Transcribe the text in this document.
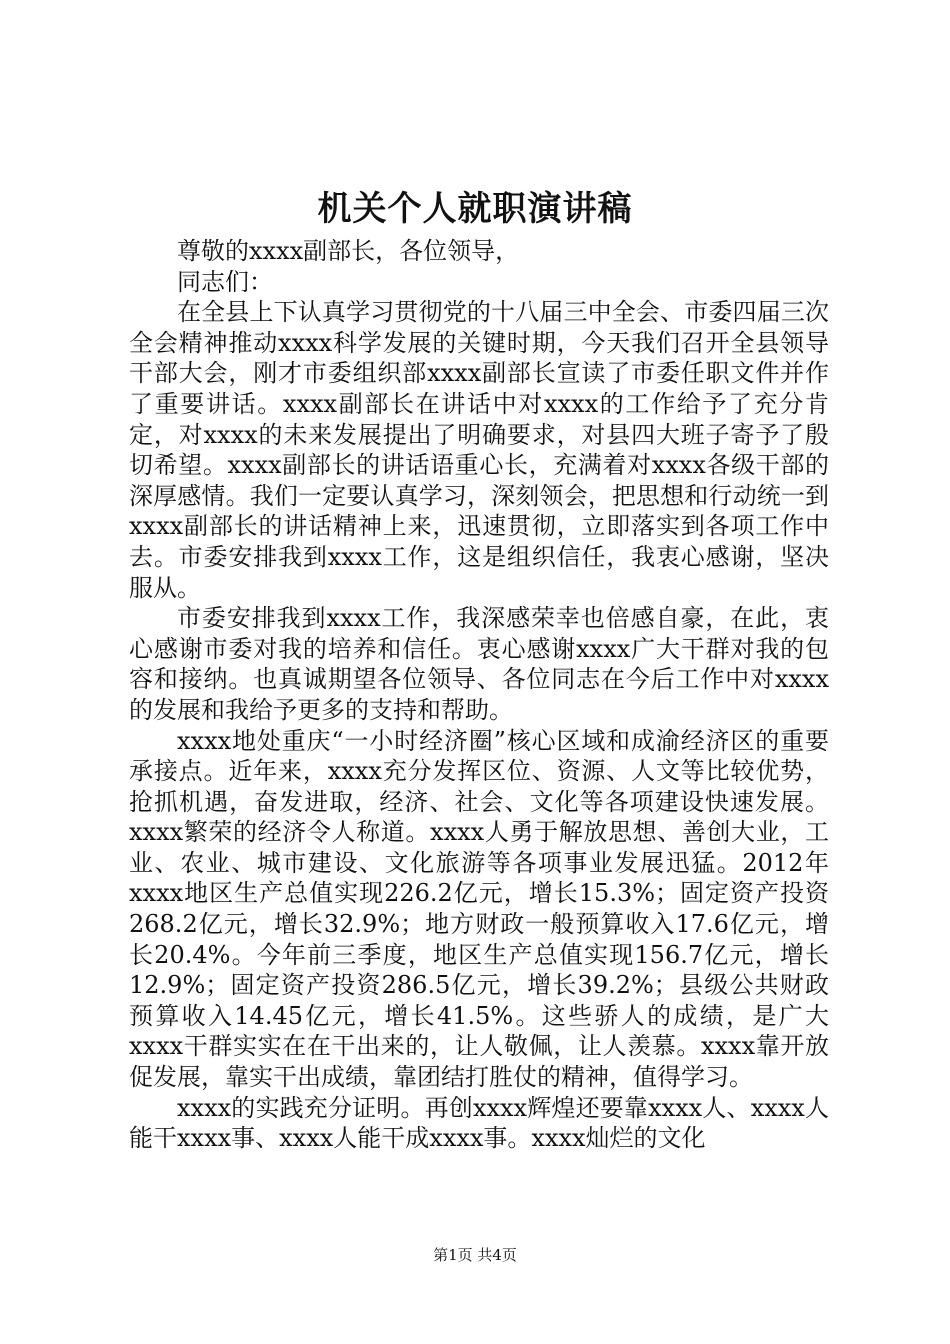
机关个人就职演讲稿

尊敬的xxxx副部长，各位领导，

同志们：

在全县上下认真学习贯彻党的十八届三中全会、市委四届三次全会精神推动xxxx科学发展的关键时期，今天我们召开全县领导干部大会，刚才市委组织部xxxx副部长宣读了市委任职文件并作了重要讲话。xxxx副部长在讲话中对xxxx的工作给予了充分肯定，对xxxx的未来发展提出了明确要求，对县四大班子寄予了殷切希望。xxxx副部长的讲话语重心长，充满着对xxxx各级干部的深厚感情。我们一定要认真学习，深刻领会，把思想和行动统一到xxxx副部长的讲话精神上来，迅速贯彻，立即落实到各项工作中去。市委安排我到xxxx工作，这是组织信任，我衷心感谢，坚决服从。

市委安排我到xxxx工作，我深感荣幸也倍感自豪，在此，衷心感谢市委对我的培养和信任。衷心感谢xxxx广大干群对我的包容和接纳。也真诚期望各位领导、各位同志在今后工作中对xxxx的发展和我给予更多的支持和帮助。

xxxx地处重庆“一小时经济圈”核心区域和成渝经济区的重要承接点。近年来，xxxx充分发挥区位、资源、人文等比较优势，抢抓机遇，奋发进取，经济、社会、文化等各项建设快速发展。xxxx繁荣的经济令人称道。xxxx人勇于解放思想、善创大业，工业、农业、城市建设、文化旅游等各项事业发展迅猛。2012年xxxx地区生产总值实现226.2亿元，增长15.3%；固定资产投资268.2亿元，增长32.9%；地方财政一般预算收入17.6亿元，增长20.4%。今年前三季度，地区生产总值实现156.7亿元，增长12.9%；固定资产投资286.5亿元，增长39.2%；县级公共财政预算收入14.45亿元，增长41.5%。这些骄人的成绩，是广大xxxx干群实实在在干出来的，让人敬佩，让人羡慕。xxxx靠开放促发展，靠实干出成绩，靠团结打胜仗的精神，值得学习。

xxxx的实践充分证明。再创xxxx辉煌还要靠xxxx人、xxxx人能干xxxx事、xxxx人能干成xxxx事。xxxx灿烂的文化

第1页 共4页
